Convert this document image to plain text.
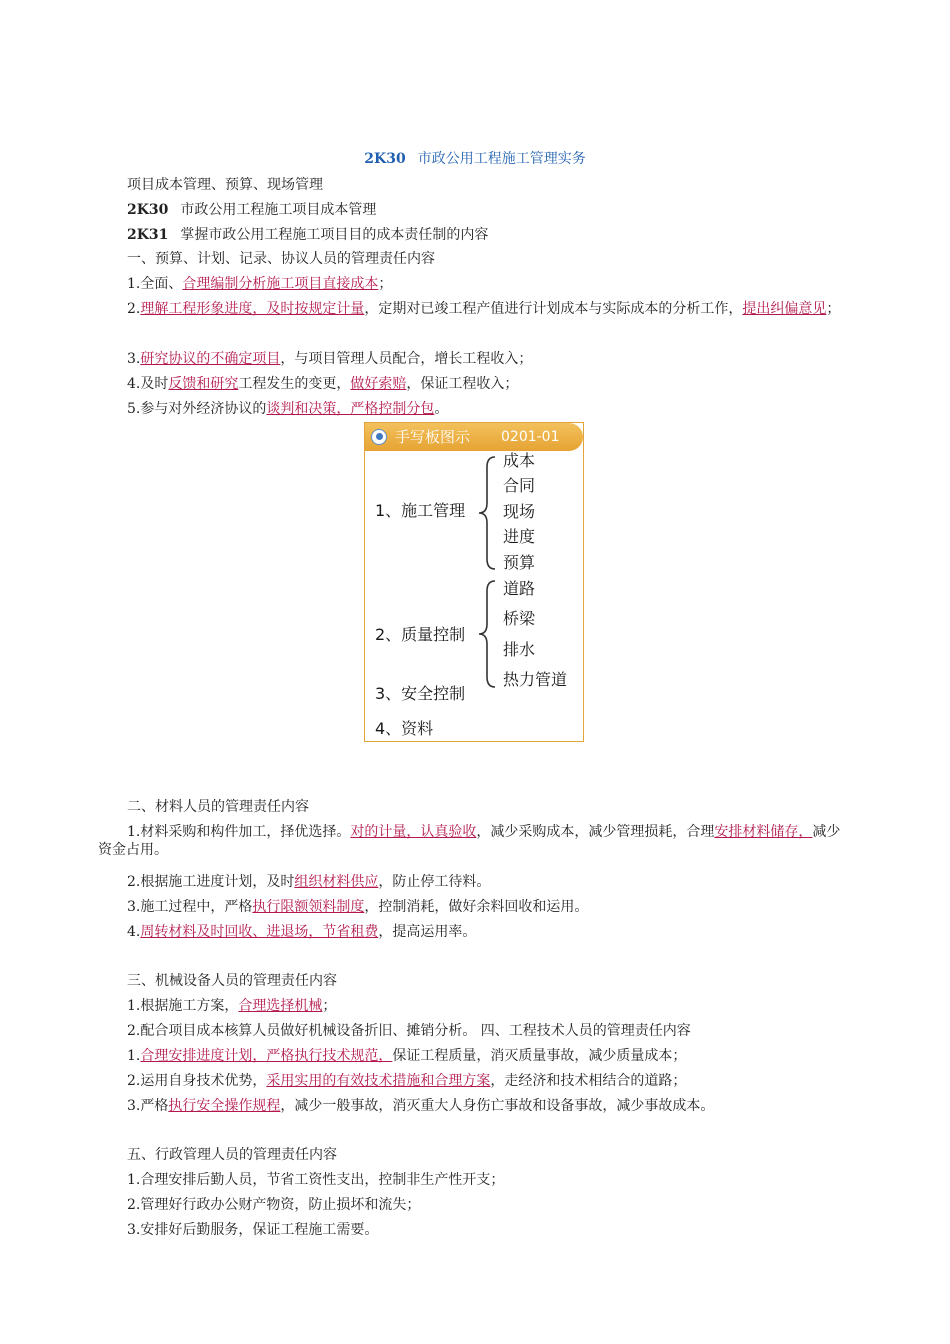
2K30 市政公用工程施工管理实务
项目成本管理、预算、现场管理
2K30 市政公用工程施工项目成本管理
2K31 掌握市政公用工程施工项目目的成本责任制的内容
一、预算、计划、记录、协议人员的管理责任内容
1.全面、合理编制分析施工项目直接成本；
2.理解工程形象进度，及时按规定计量，定期对已竣工程产值进行计划成本与实际成本的分析工作，提出纠偏意见；
3.研究协议的不确定项目，与项目管理人员配合，增长工程收入；
4.及时反馈和研究工程发生的变更，做好索赔，保证工程收入；
5.参与对外经济协议的谈判和决策，严格控制分包。
手写板图示 0201-01
1、施工管理
成本
合同
现场
进度
预算
2、质量控制
道路
桥梁
排水
热力管道
3、安全控制
4、资料
二、材料人员的管理责任内容
1.材料采购和构件加工，择优选择。对的计量，认真验收，减少采购成本，减少管理损耗，合理安排材料储存，减少资金占用。
2.根据施工进度计划，及时组织材料供应，防止停工待料。
3.施工过程中，严格执行限额领料制度，控制消耗，做好余料回收和运用。
4.周转材料及时回收、进退场，节省租费，提高运用率。
三、机械设备人员的管理责任内容
1.根据施工方案，合理选择机械；
2.配合项目成本核算人员做好机械设备折旧、摊销分析。 四、工程技术人员的管理责任内容
1.合理安排进度计划，严格执行技术规范，保证工程质量，消灭质量事故，减少质量成本；
2.运用自身技术优势，采用实用的有效技术措施和合理方案，走经济和技术相结合的道路；
3.严格执行安全操作规程，减少一般事故，消灭重大人身伤亡事故和设备事故，减少事故成本。
五、行政管理人员的管理责任内容
1.合理安排后勤人员，节省工资性支出，控制非生产性开支；
2.管理好行政办公财产物资，防止损坏和流失；
3.安排好后勤服务，保证工程施工需要。
